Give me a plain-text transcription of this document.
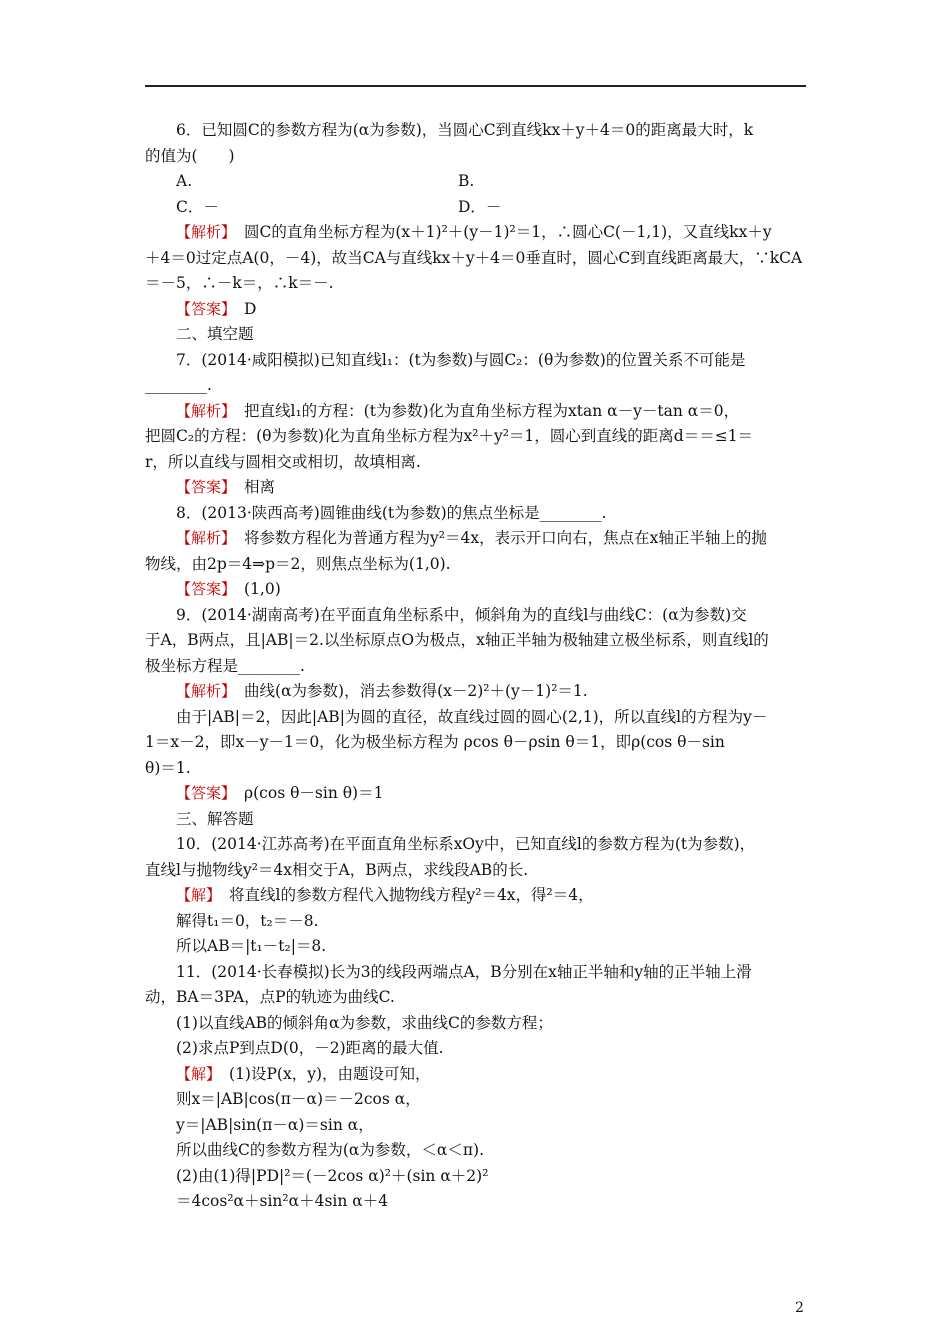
6．已知圆C的参数方程为(α为参数)，当圆心C到直线kx＋y＋4＝0的距离最大时，k
的值为(　　)
A.	B.
C．－	D．－
【解析】　圆C的直角坐标方程为(x＋1)²＋(y－1)²＝1，∴圆心C(－1,1)，又直线kx＋y
＋4＝0过定点A(0，－4)，故当CA与直线kx＋y＋4＝0垂直时，圆心C到直线距离最大，∵kCA
＝－5，∴－k＝，∴k＝－.
【答案】　D
二、填空题
7．(2014·咸阳模拟)已知直线l₁：(t为参数)与圆C₂：(θ为参数)的位置关系不可能是
________.
【解析】　把直线l₁的方程：(t为参数)化为直角坐标方程为xtan α－y－tan α＝0，
把圆C₂的方程：(θ为参数)化为直角坐标方程为x²＋y²＝1，圆心到直线的距离d＝＝≤1＝
r，所以直线与圆相交或相切，故填相离.
【答案】　相离
8．(2013·陕西高考)圆锥曲线(t为参数)的焦点坐标是________.
【解析】　将参数方程化为普通方程为y²＝4x，表示开口向右，焦点在x轴正半轴上的抛
物线，由2p＝4⇒p＝2，则焦点坐标为(1,0).
【答案】　(1,0)
9．(2014·湖南高考)在平面直角坐标系中，倾斜角为的直线l与曲线C：(α为参数)交
于A，B两点，且|AB|＝2.以坐标原点O为极点，x轴正半轴为极轴建立极坐标系，则直线l的
极坐标方程是________.
【解析】　曲线(α为参数)，消去参数得(x－2)²＋(y－1)²＝1.
由于|AB|＝2，因此|AB|为圆的直径，故直线过圆的圆心(2,1)，所以直线l的方程为y－
1＝x－2，即x－y－1＝0，化为极坐标方程为 ρcos θ－ρsin θ＝1，即ρ(cos θ－sin
θ)＝1.
【答案】　ρ(cos θ－sin θ)＝1
三、解答题
10．(2014·江苏高考)在平面直角坐标系xOy中，已知直线l的参数方程为(t为参数)，
直线l与抛物线y²＝4x相交于A，B两点，求线段AB的长.
【解】　将直线l的参数方程代入抛物线方程y²＝4x，得²＝4，
解得t₁＝0，t₂＝－8.
所以AB＝|t₁－t₂|＝8.
11．(2014·长春模拟)长为3的线段两端点A，B分别在x轴正半轴和y轴的正半轴上滑
动，BA＝3PA，点P的轨迹为曲线C.
(1)以直线AB的倾斜角α为参数，求曲线C的参数方程；
(2)求点P到点D(0，－2)距离的最大值.
【解】　(1)设P(x，y)，由题设可知，
则x＝|AB|cos(π－α)＝－2cos α，
y＝|AB|sin(π－α)＝sin α，
所以曲线C的参数方程为(α为参数，＜α＜π).
(2)由(1)得|PD|²＝(－2cos α)²＋(sin α＋2)²
＝4cos²α＋sin²α＋4sin α＋4
2
